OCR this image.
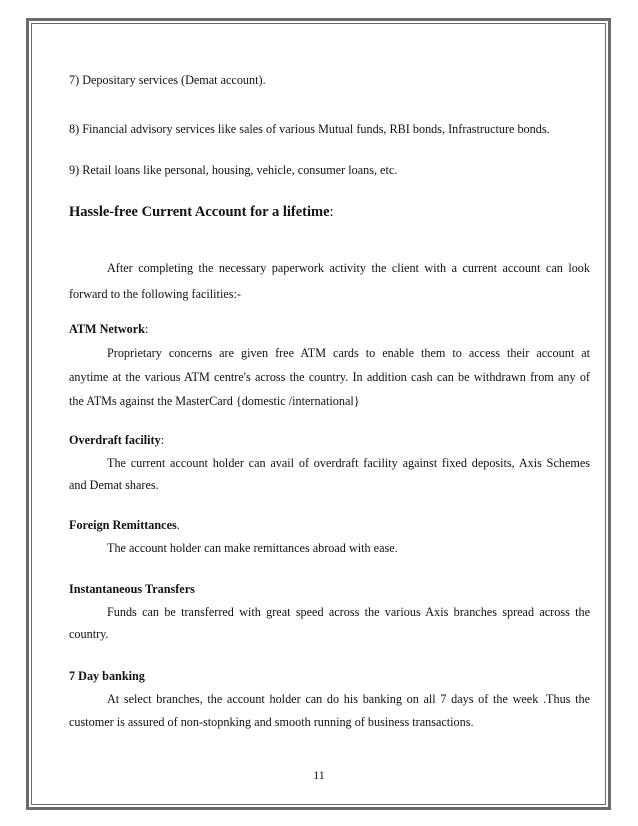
7) Depositary services (Demat account).
8) Financial advisory services like sales of various Mutual funds, RBI bonds, Infrastructure bonds.
9) Retail loans like personal, housing, vehicle, consumer loans, etc.
Hassle-free Current Account for a lifetime:
After completing the necessary paperwork activity the client with a current account can look
forward to the following facilities:-
ATM Network:
Proprietary concerns are given free ATM cards to enable them to access their account at
anytime at the various ATM centre's across the country. In addition cash can be withdrawn from any of
the ATMs against the MasterCard {domestic /international}
Overdraft facility:
The current account holder can avail of overdraft facility against fixed deposits, Axis Schemes
and Demat shares.
Foreign Remittances.
The account holder can make remittances abroad with ease.
Instantaneous Transfers
Funds can be transferred with great speed across the various Axis branches spread across the
country.
7 Day banking
At select branches, the account holder can do his banking on all 7 days of the week .Thus the
customer is assured of non-stopnking and smooth running of business transactions.
11
